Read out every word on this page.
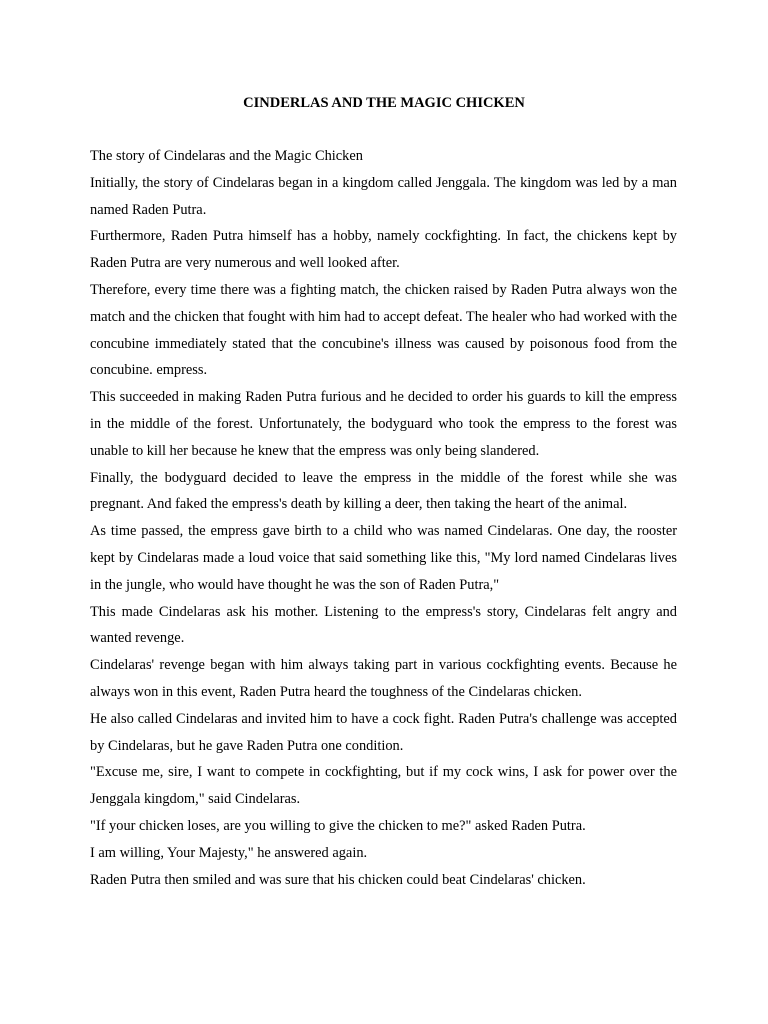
CINDERLAS AND THE MAGIC CHICKEN

The story of Cindelaras and the Magic Chicken

Initially, the story of Cindelaras began in a kingdom called Jenggala. The kingdom was led by a man named Raden Putra.

Furthermore, Raden Putra himself has a hobby, namely cockfighting. In fact, the chickens kept by Raden Putra are very numerous and well looked after.

Therefore, every time there was a fighting match, the chicken raised by Raden Putra always won the match and the chicken that fought with him had to accept defeat. The healer who had worked with the concubine immediately stated that the concubine's illness was caused by poisonous food from the concubine. empress.

This succeeded in making Raden Putra furious and he decided to order his guards to kill the empress in the middle of the forest. Unfortunately, the bodyguard who took the empress to the forest was unable to kill her because he knew that the empress was only being slandered.

Finally, the bodyguard decided to leave the empress in the middle of the forest while she was pregnant. And faked the empress's death by killing a deer, then taking the heart of the animal.

As time passed, the empress gave birth to a child who was named Cindelaras. One day, the rooster kept by Cindelaras made a loud voice that said something like this, "My lord named Cindelaras lives in the jungle, who would have thought he was the son of Raden Putra,"

This made Cindelaras ask his mother. Listening to the empress's story, Cindelaras felt angry and wanted revenge.

Cindelaras' revenge began with him always taking part in various cockfighting events. Because he always won in this event, Raden Putra heard the toughness of the Cindelaras chicken.

He also called Cindelaras and invited him to have a cock fight. Raden Putra's challenge was accepted by Cindelaras, but he gave Raden Putra one condition.

"Excuse me, sire, I want to compete in cockfighting, but if my cock wins, I ask for power over the Jenggala kingdom," said Cindelaras.

"If your chicken loses, are you willing to give the chicken to me?" asked Raden Putra.

I am willing, Your Majesty," he answered again.

Raden Putra then smiled and was sure that his chicken could beat Cindelaras' chicken.
